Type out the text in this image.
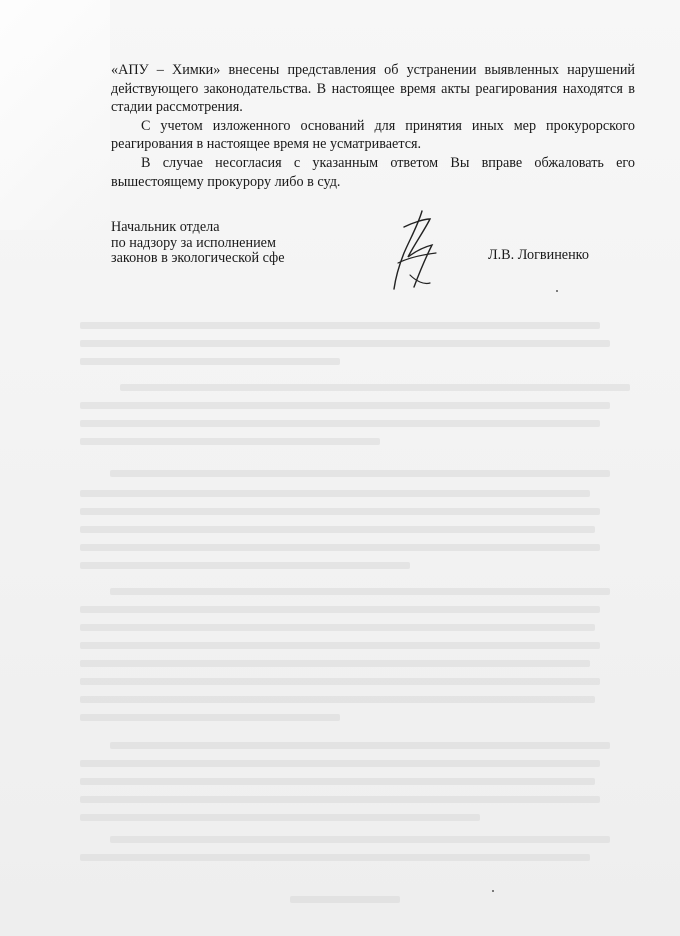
«АПУ – Химки» внесены представления об устранении выявленных нарушений действующего законодательства. В настоящее время акты реагирования находятся в стадии рассмотрения.

С учетом изложенного оснований для принятия иных мер прокурорского реагирования в настоящее время не усматривается.

В случае несогласия с указанным ответом Вы вправе обжаловать его вышестоящему прокурору либо в суд.

Начальник отдела
по надзору за исполнением
законов в экологической сфе	Л.В. Логвиненко
